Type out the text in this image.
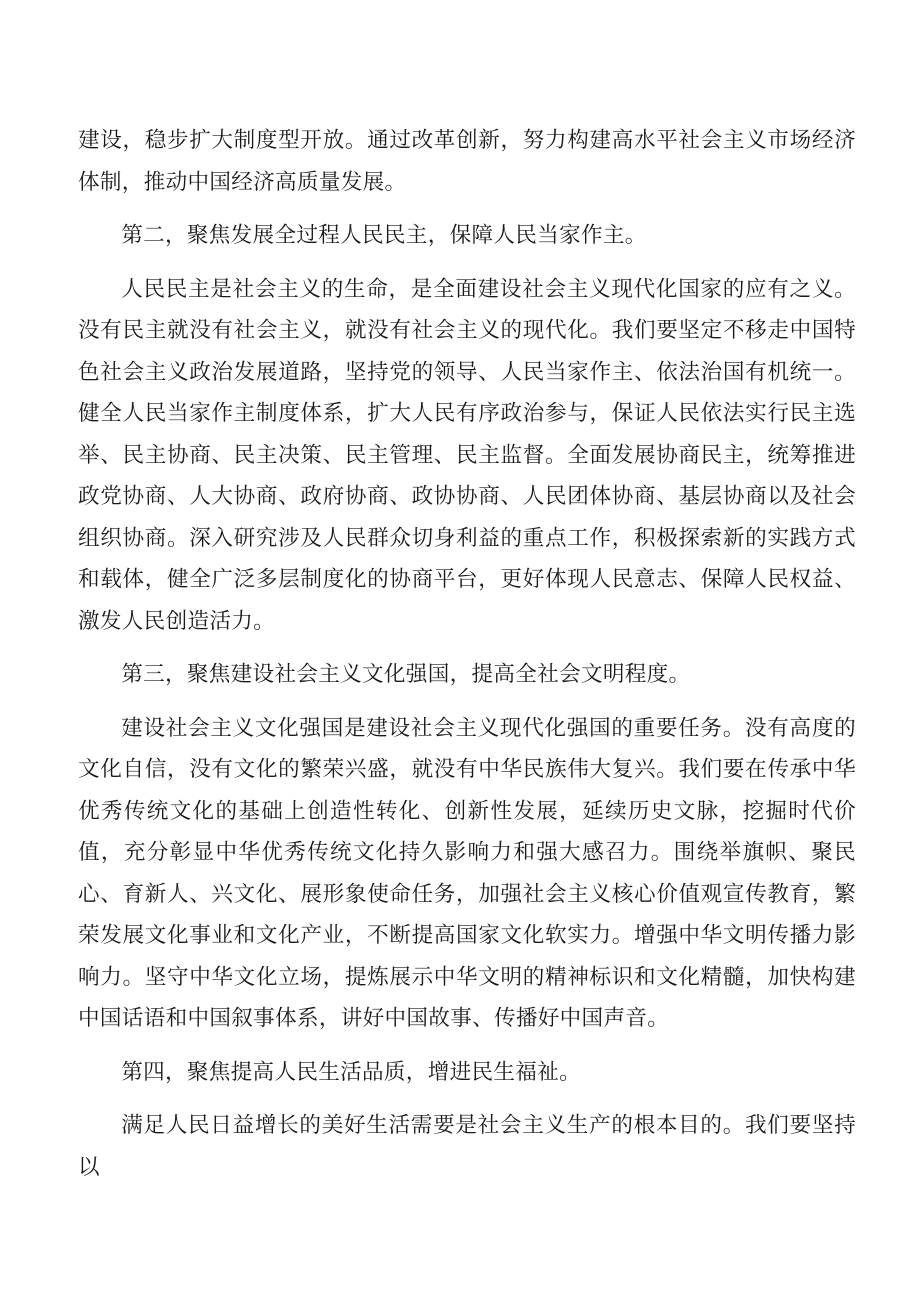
建设，稳步扩大制度型开放。通过改革创新，努力构建高水平社会主义市场经济体制，推动中国经济高质量发展。

第二，聚焦发展全过程人民民主，保障人民当家作主。

人民民主是社会主义的生命，是全面建设社会主义现代化国家的应有之义。没有民主就没有社会主义，就没有社会主义的现代化。我们要坚定不移走中国特色社会主义政治发展道路，坚持党的领导、人民当家作主、依法治国有机统一。健全人民当家作主制度体系，扩大人民有序政治参与，保证人民依法实行民主选举、民主协商、民主决策、民主管理、民主监督。全面发展协商民主，统筹推进政党协商、人大协商、政府协商、政协协商、人民团体协商、基层协商以及社会组织协商。深入研究涉及人民群众切身利益的重点工作，积极探索新的实践方式和载体，健全广泛多层制度化的协商平台，更好体现人民意志、保障人民权益、激发人民创造活力。

第三，聚焦建设社会主义文化强国，提高全社会文明程度。

建设社会主义文化强国是建设社会主义现代化强国的重要任务。没有高度的文化自信，没有文化的繁荣兴盛，就没有中华民族伟大复兴。我们要在传承中华优秀传统文化的基础上创造性转化、创新性发展，延续历史文脉，挖掘时代价值，充分彰显中华优秀传统文化持久影响力和强大感召力。围绕举旗帜、聚民心、育新人、兴文化、展形象使命任务，加强社会主义核心价值观宣传教育，繁荣发展文化事业和文化产业，不断提高国家文化软实力。增强中华文明传播力影响力。坚守中华文化立场，提炼展示中华文明的精神标识和文化精髓，加快构建中国话语和中国叙事体系，讲好中国故事、传播好中国声音。

第四，聚焦提高人民生活品质，增进民生福祉。

满足人民日益增长的美好生活需要是社会主义生产的根本目的。我们要坚持以
